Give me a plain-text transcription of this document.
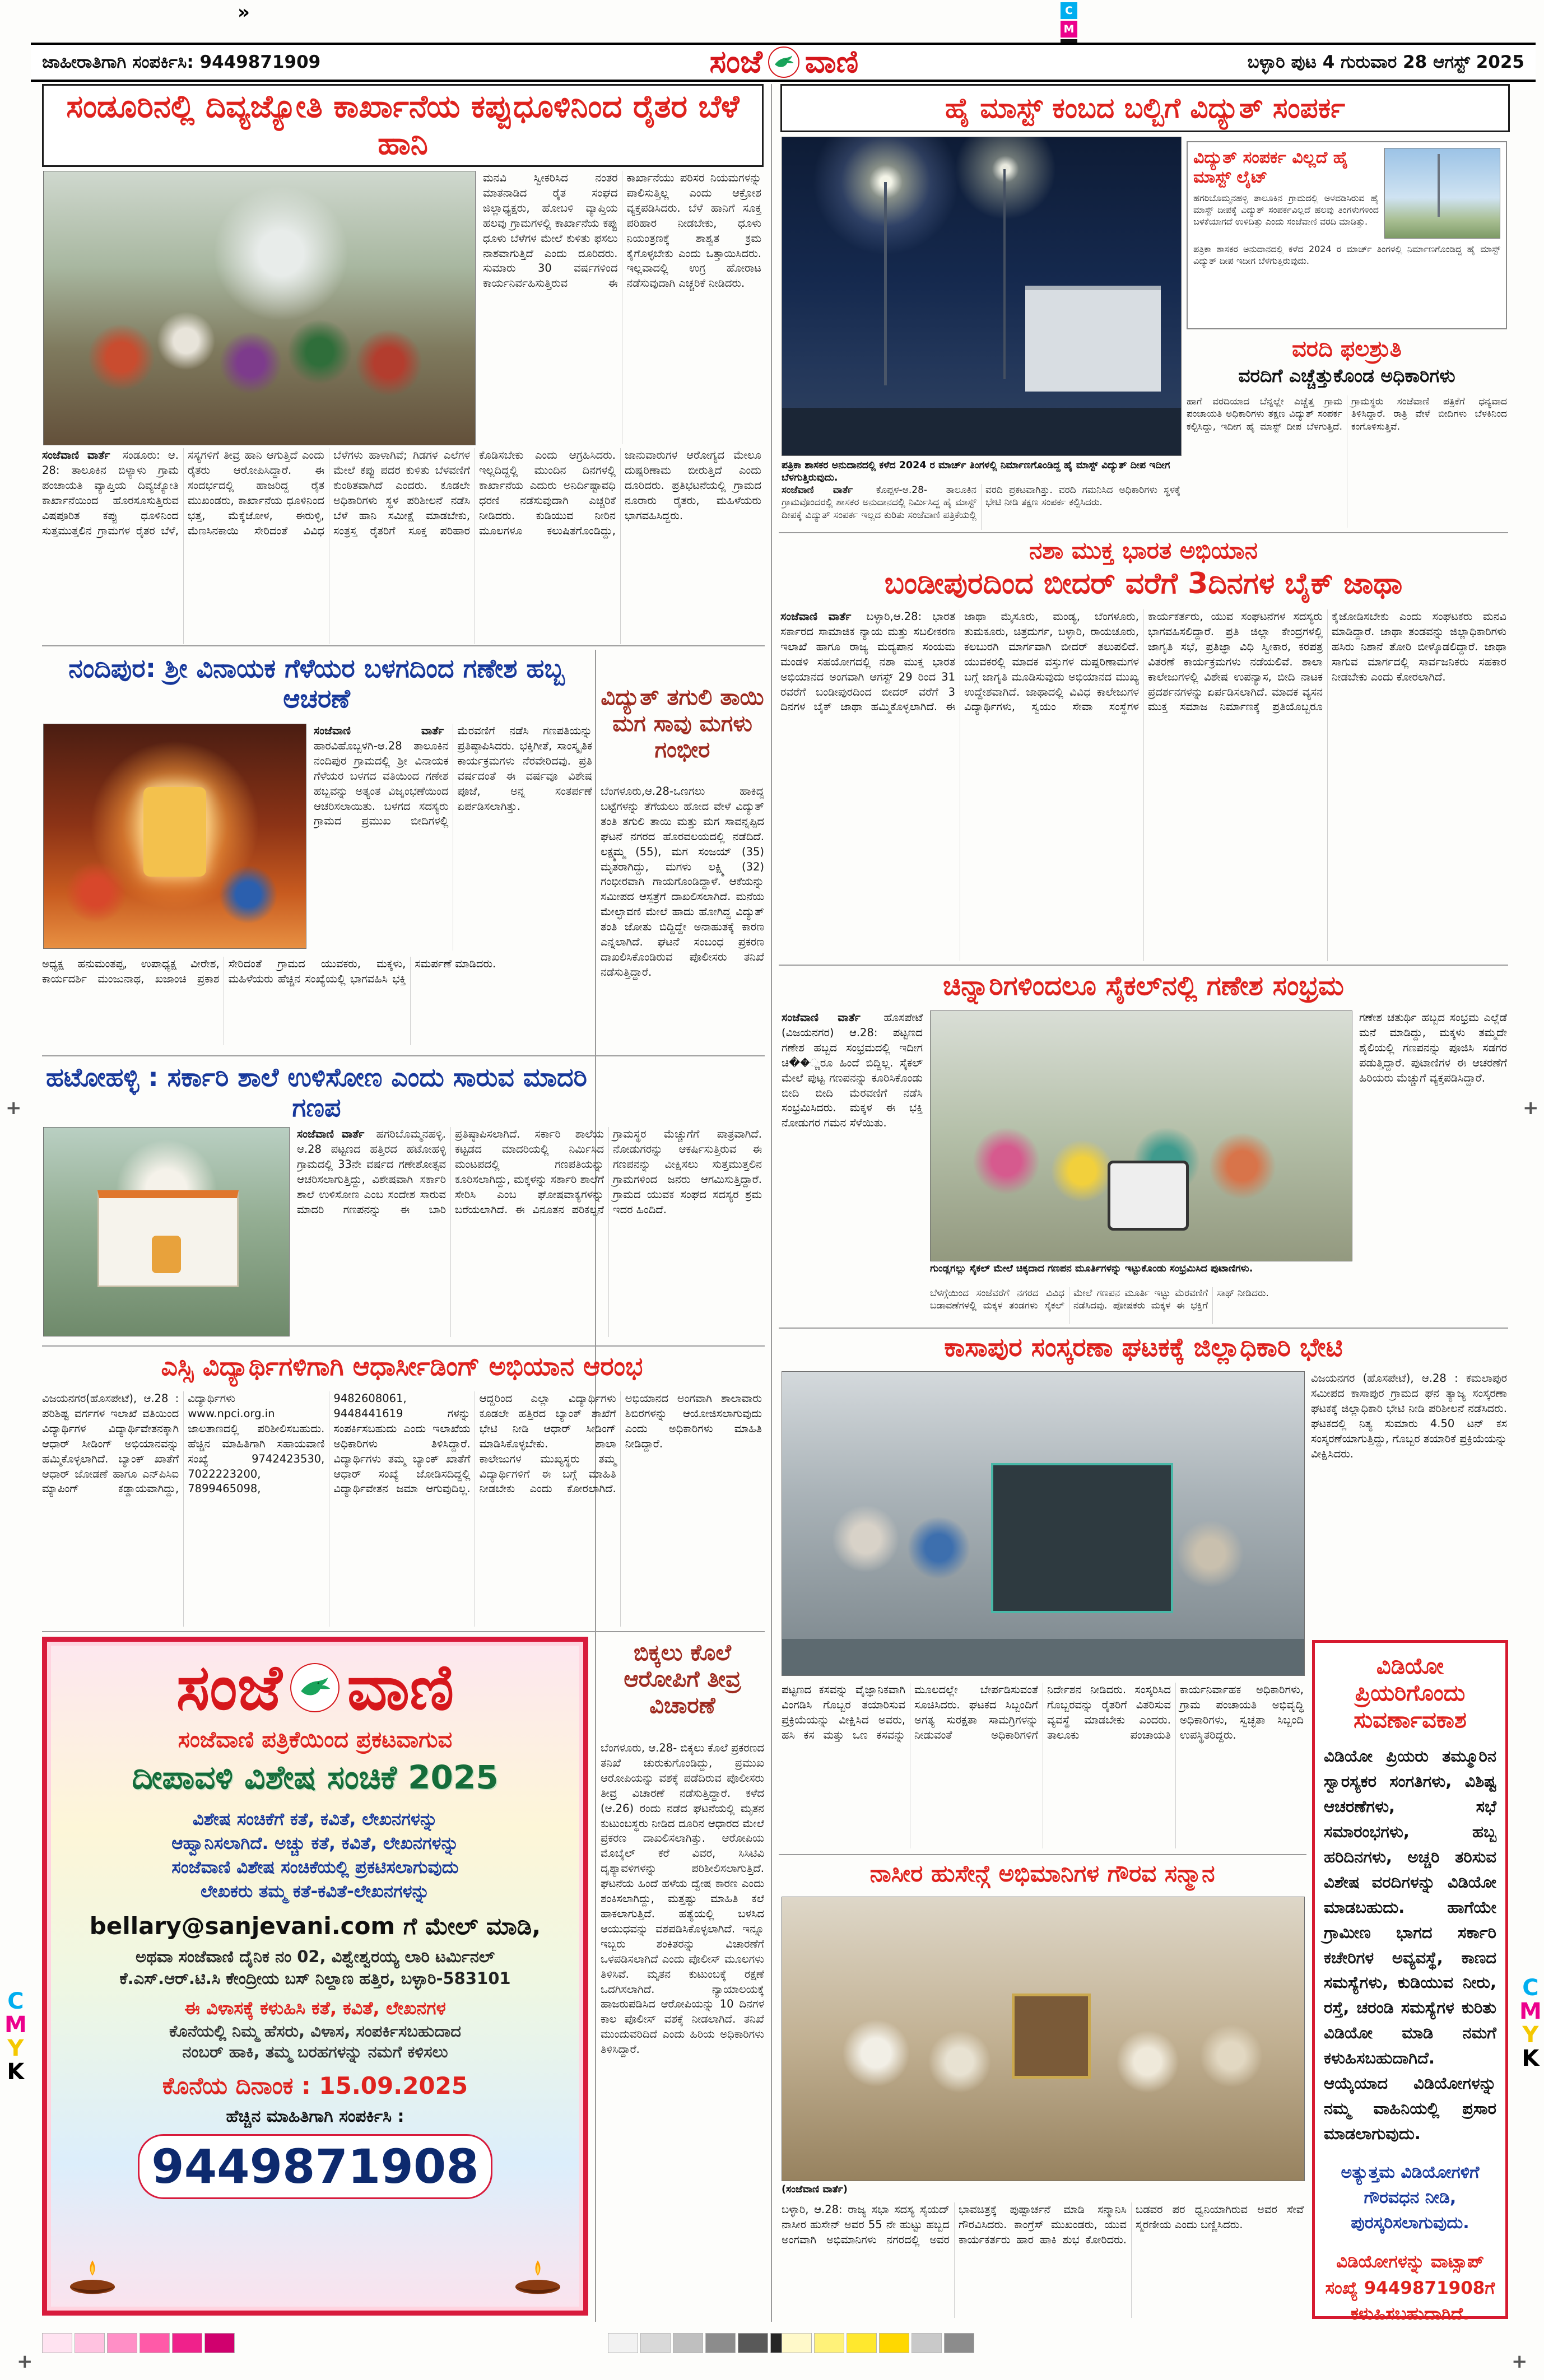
»	C
M
ಜಾಹೀರಾತಿಗಾಗಿ ಸಂಪರ್ಕಿಸಿ: 9449871909	ಸಂಜೆ ವಾಣಿ	ಬಳ್ಳಾರಿ ಪುಟ 4 ಗುರುವಾರ 28 ಆಗಸ್ಟ್ 2025
ಸಂಡೂರಿನಲ್ಲಿ ದಿವ್ಯಜ್ಯೋತಿ ಕಾರ್ಖಾನೆಯ ಕಪ್ಪುಧೂಳಿನಿಂದ ರೈತರ ಬೆಳೆ ಹಾನಿ
ಮನವಿ ಸ್ವೀಕರಿಸಿದ ನಂತರ ಮಾತನಾಡಿದ ರೈತ ಸಂಘದ ಜಿಲ್ಲಾಧ್ಯಕ್ಷರು, ಹೋಬಳಿ ವ್ಯಾಪ್ತಿಯ ಹಲವು ಗ್ರಾಮಗಳಲ್ಲಿ ಕಾರ್ಖಾನೆಯ ಕಪ್ಪು ಧೂಳು ಬೆಳೆಗಳ ಮೇಲೆ ಕುಳಿತು ಫಸಲು ನಾಶವಾಗುತ್ತಿದೆ ಎಂದು ದೂರಿದರು. ಸುಮಾರು 30 ವರ್ಷಗಳಿಂದ ಕಾರ್ಯನಿರ್ವಹಿಸುತ್ತಿರುವ ಈ ಕಾರ್ಖಾನೆಯು ಪರಿಸರ ನಿಯಮಗಳನ್ನು ಪಾಲಿಸುತ್ತಿಲ್ಲ ಎಂದು ಆಕ್ರೋಶ ವ್ಯಕ್ತಪಡಿಸಿದರು. ಬೆಳೆ ಹಾನಿಗೆ ಸೂಕ್ತ ಪರಿಹಾರ ನೀಡಬೇಕು, ಧೂಳು ನಿಯಂತ್ರಣಕ್ಕೆ ಶಾಶ್ವತ ಕ್ರಮ ಕೈಗೊಳ್ಳಬೇಕು ಎಂದು ಒತ್ತಾಯಿಸಿದರು. ಇಲ್ಲವಾದಲ್ಲಿ ಉಗ್ರ ಹೋರಾಟ ನಡೆಸುವುದಾಗಿ ಎಚ್ಚರಿಕೆ ನೀಡಿದರು.
ಸಂಜೆವಾಣಿ ವಾರ್ತೆ ಸಂಡೂರು: ಆ. 28: ತಾಲೂಕಿನ ಬಿಳ್ಯಾಳು ಗ್ರಾಮ ಪಂಚಾಯತಿ ವ್ಯಾಪ್ತಿಯ ದಿವ್ಯಜ್ಯೋತಿ ಕಾರ್ಖಾನೆಯಿಂದ ಹೊರಸೂಸುತ್ತಿರುವ ವಿಷಪೂರಿತ ಕಪ್ಪು ಧೂಳಿನಿಂದ ಸುತ್ತಮುತ್ತಲಿನ ಗ್ರಾಮಗಳ ರೈತರ ಬೆಳೆ, ಸಸ್ಯಗಳಿಗೆ ತೀವ್ರ ಹಾನಿ ಆಗುತ್ತಿದೆ ಎಂದು ರೈತರು ಆರೋಪಿಸಿದ್ದಾರೆ. ಈ ಸಂದರ್ಭದಲ್ಲಿ ಹಾಜರಿದ್ದ ರೈತ ಮುಖಂಡರು, ಕಾರ್ಖಾನೆಯ ಧೂಳಿನಿಂದ ಭತ್ತ, ಮೆಕ್ಕೆಜೋಳ, ಈರುಳ್ಳಿ, ಮೆಣಸಿನಕಾಯಿ ಸೇರಿದಂತೆ ವಿವಿಧ ಬೆಳೆಗಳು ಹಾಳಾಗಿವೆ; ಗಿಡಗಳ ಎಲೆಗಳ ಮೇಲೆ ಕಪ್ಪು ಪದರ ಕುಳಿತು ಬೆಳವಣಿಗೆ ಕುಂಠಿತವಾಗಿದೆ ಎಂದರು. ಕೂಡಲೇ ಅಧಿಕಾರಿಗಳು ಸ್ಥಳ ಪರಿಶೀಲನೆ ನಡೆಸಿ ಬೆಳೆ ಹಾನಿ ಸಮೀಕ್ಷೆ ಮಾಡಬೇಕು, ಸಂತ್ರಸ್ತ ರೈತರಿಗೆ ಸೂಕ್ತ ಪರಿಹಾರ ಕೊಡಿಸಬೇಕು ಎಂದು ಆಗ್ರಹಿಸಿದರು. ಇಲ್ಲದಿದ್ದಲ್ಲಿ ಮುಂದಿನ ದಿನಗಳಲ್ಲಿ ಕಾರ್ಖಾನೆಯ ಎದುರು ಅನಿರ್ದಿಷ್ಟಾವಧಿ ಧರಣಿ ನಡೆಸುವುದಾಗಿ ಎಚ್ಚರಿಕೆ ನೀಡಿದರು. ಕುಡಿಯುವ ನೀರಿನ ಮೂಲಗಳೂ ಕಲುಷಿತಗೊಂಡಿದ್ದು, ಜಾನುವಾರುಗಳ ಆರೋಗ್ಯದ ಮೇಲೂ ದುಷ್ಪರಿಣಾಮ ಬೀರುತ್ತಿದೆ ಎಂದು ದೂರಿದರು. ಪ್ರತಿಭಟನೆಯಲ್ಲಿ ಗ್ರಾಮದ ನೂರಾರು ರೈತರು, ಮಹಿಳೆಯರು ಭಾಗವಹಿಸಿದ್ದರು.
ಹೈ ಮಾಸ್ಟ್ ಕಂಬದ ಬಲ್ಬಿಗೆ ವಿದ್ಯುತ್ ಸಂಪರ್ಕ
ವಿದ್ಯುತ್ ಸಂಪರ್ಕ ವಿಲ್ಲದೆ ಹೈ ಮಾಸ್ಟ್ ಲೈಟ್
ಹಗರಿಬೊಮ್ಮನಹಳ್ಳಿ ತಾಲೂಕಿನ ಗ್ರಾಮದಲ್ಲಿ ಅಳವಡಿಸಿರುವ ಹೈ ಮಾಸ್ಟ್ ದೀಪಕ್ಕೆ ವಿದ್ಯುತ್ ಸಂಪರ್ಕವಿಲ್ಲದೆ ಹಲವು ತಿಂಗಳುಗಳಿಂದ ಬಳಕೆಯಾಗದೆ ಉಳಿದಿತ್ತು ಎಂದು ಸಂಜೆವಾಣಿ ವರದಿ ಮಾಡಿತ್ತು.
ಪತ್ರಿಕಾ ಶಾಸಕರ ಅನುದಾನದಲ್ಲಿ ಕಳೆದ 2024 ರ ಮಾರ್ಚ್ ತಿಂಗಳಲ್ಲಿ ನಿರ್ಮಾಣಗೊಂಡಿದ್ದ ಹೈ ಮಾಸ್ಟ್ ವಿದ್ಯುತ್ ದೀಪ ಇದೀಗ ಬೆಳಗುತ್ತಿರುವುದು.
ವರದಿ ಫಲಶ್ರುತಿ
ವರದಿಗೆ ಎಚ್ಚೆತ್ತುಕೊಂಡ ಅಧಿಕಾರಿಗಳು
ಹಾಗೆ ವರದಿಯಾದ ಬೆನ್ನಲ್ಲೇ ಎಚ್ಚೆತ್ತ ಗ್ರಾಮ ಪಂಚಾಯತಿ ಅಧಿಕಾರಿಗಳು ತಕ್ಷಣ ವಿದ್ಯುತ್ ಸಂಪರ್ಕ ಕಲ್ಪಿಸಿದ್ದು, ಇದೀಗ ಹೈ ಮಾಸ್ಟ್ ದೀಪ ಬೆಳಗುತ್ತಿದೆ. ಗ್ರಾಮಸ್ಥರು ಸಂಜೆವಾಣಿ ಪತ್ರಿಕೆಗೆ ಧನ್ಯವಾದ ತಿಳಿಸಿದ್ದಾರೆ. ರಾತ್ರಿ ವೇಳೆ ಬೀದಿಗಳು ಬೆಳಕಿನಿಂದ ಕಂಗೊಳಿಸುತ್ತಿವೆ.
ಪತ್ರಿಕಾ ಶಾಸಕರ ಅನುದಾನದಲ್ಲಿ ಕಳೆದ 2024 ರ ಮಾರ್ಚ್ ತಿಂಗಳಲ್ಲಿ ನಿರ್ಮಾಣಗೊಂಡಿದ್ದ ಹೈ ಮಾಸ್ಟ್ ವಿದ್ಯುತ್ ದೀಪ ಇದೀಗ ಬೆಳಗುತ್ತಿರುವುದು.
ಸಂಜೆವಾಣಿ ವಾರ್ತೆ ಕೊಪ್ಪಳ-ಆ.28- ತಾಲೂಕಿನ ಗ್ರಾಮವೊಂದರಲ್ಲಿ ಶಾಸಕರ ಅನುದಾನದಲ್ಲಿ ನಿರ್ಮಿಸಿದ್ದ ಹೈ ಮಾಸ್ಟ್ ದೀಪಕ್ಕೆ ವಿದ್ಯುತ್ ಸಂಪರ್ಕ ಇಲ್ಲದ ಕುರಿತು ಸಂಜೆವಾಣಿ ಪತ್ರಿಕೆಯಲ್ಲಿ ವರದಿ ಪ್ರಕಟವಾಗಿತ್ತು. ವರದಿ ಗಮನಿಸಿದ ಅಧಿಕಾರಿಗಳು ಸ್ಥಳಕ್ಕೆ ಭೇಟಿ ನೀಡಿ ತಕ್ಷಣ ಸಂಪರ್ಕ ಕಲ್ಪಿಸಿದರು.
ನಂದಿಪುರ: ಶ್ರೀ ವಿನಾಯಕ ಗೆಳೆಯರ ಬಳಗದಿಂದ ಗಣೇಶ ಹಬ್ಬ ಆಚರಣೆ
ಸಂಜೆವಾಣಿ ವಾರ್ತೆ ಹಾರವಿಹೊಬ್ಬಳಗಿ-ಆ.28 ತಾಲೂಕಿನ ನಂದಿಪುರ ಗ್ರಾಮದಲ್ಲಿ ಶ್ರೀ ವಿನಾಯಕ ಗೆಳೆಯರ ಬಳಗದ ವತಿಯಿಂದ ಗಣೇಶ ಹಬ್ಬವನ್ನು ಅತ್ಯಂತ ವಿಜೃಂಭಣೆಯಿಂದ ಆಚರಿಸಲಾಯಿತು. ಬಳಗದ ಸದಸ್ಯರು ಗ್ರಾಮದ ಪ್ರಮುಖ ಬೀದಿಗಳಲ್ಲಿ ಮೆರವಣಿಗೆ ನಡೆಸಿ ಗಣಪತಿಯನ್ನು ಪ್ರತಿಷ್ಠಾಪಿಸಿದರು. ಭಕ್ತಿಗೀತೆ, ಸಾಂಸ್ಕೃತಿಕ ಕಾರ್ಯಕ್ರಮಗಳು ನೆರವೇರಿದವು. ಪ್ರತಿ ವರ್ಷದಂತೆ ಈ ವರ್ಷವೂ ವಿಶೇಷ ಪೂಜೆ, ಅನ್ನ ಸಂತರ್ಪಣೆ ಏರ್ಪಡಿಸಲಾಗಿತ್ತು.
ಅಧ್ಯಕ್ಷ ಹನುಮಂತಪ್ಪ, ಉಪಾಧ್ಯಕ್ಷ ವೀರೇಶ, ಕಾರ್ಯದರ್ಶಿ ಮಂಜುನಾಥ, ಖಜಾಂಚಿ ಪ್ರಕಾಶ ಸೇರಿದಂತೆ ಗ್ರಾಮದ ಯುವಕರು, ಮಕ್ಕಳು, ಮಹಿಳೆಯರು ಹೆಚ್ಚಿನ ಸಂಖ್ಯೆಯಲ್ಲಿ ಭಾಗವಹಿಸಿ ಭಕ್ತಿ ಸಮರ್ಪಣೆ ಮಾಡಿದರು.
ವಿದ್ಯುತ್ ತಗುಲಿ ತಾಯಿ ಮಗ ಸಾವು ಮಗಳು ಗಂಭೀರ
ಬೆಂಗಳೂರು,ಆ.28-ಒಣಗಲು ಹಾಕಿದ್ದ ಬಟ್ಟೆಗಳನ್ನು ತೆಗೆಯಲು ಹೋದ ವೇಳೆ ವಿದ್ಯುತ್ ತಂತಿ ತಗುಲಿ ತಾಯಿ ಮತ್ತು ಮಗ ಸಾವನ್ನಪ್ಪಿದ ಘಟನೆ ನಗರದ ಹೊರವಲಯದಲ್ಲಿ ನಡೆದಿದೆ. ಲಕ್ಷ್ಮಮ್ಮ (55), ಮಗ ಸಂಜಯ್ (35) ಮೃತರಾಗಿದ್ದು, ಮಗಳು ಲಕ್ಷ್ಮಿ (32) ಗಂಭೀರವಾಗಿ ಗಾಯಗೊಂಡಿದ್ದಾಳೆ. ಆಕೆಯನ್ನು ಸಮೀಪದ ಆಸ್ಪತ್ರೆಗೆ ದಾಖಲಿಸಲಾಗಿದೆ. ಮನೆಯ ಮೇಲ್ಛಾವಣಿ ಮೇಲೆ ಹಾದು ಹೋಗಿದ್ದ ವಿದ್ಯುತ್ ತಂತಿ ಜೋತು ಬಿದ್ದಿದ್ದೇ ಅನಾಹುತಕ್ಕೆ ಕಾರಣ ಎನ್ನಲಾಗಿದೆ. ಘಟನೆ ಸಂಬಂಧ ಪ್ರಕರಣ ದಾಖಲಿಸಿಕೊಂಡಿರುವ ಪೊಲೀಸರು ತನಿಖೆ ನಡೆಸುತ್ತಿದ್ದಾರೆ.
ನಶಾ ಮುಕ್ತ ಭಾರತ ಅಭಿಯಾನ
ಬಂಡೀಪುರದಿಂದ ಬೀದರ್ ವರೆಗೆ 3ದಿನಗಳ ಬೈಕ್ ಜಾಥಾ
ಸಂಜೆವಾಣಿ ವಾರ್ತೆ ಬಳ್ಳಾರಿ,ಆ.28: ಭಾರತ ಸರ್ಕಾರದ ಸಾಮಾಜಿಕ ನ್ಯಾಯ ಮತ್ತು ಸಬಲೀಕರಣ ಇಲಾಖೆ ಹಾಗೂ ರಾಜ್ಯ ಮದ್ಯಪಾನ ಸಂಯಮ ಮಂಡಳಿ ಸಹಯೋಗದಲ್ಲಿ ನಶಾ ಮುಕ್ತ ಭಾರತ ಅಭಿಯಾನದ ಅಂಗವಾಗಿ ಆಗಸ್ಟ್ 29 ರಿಂದ 31 ರವರೆಗೆ ಬಂಡೀಪುರದಿಂದ ಬೀದರ್ ವರೆಗೆ 3 ದಿನಗಳ ಬೈಕ್ ಜಾಥಾ ಹಮ್ಮಿಕೊಳ್ಳಲಾಗಿದೆ. ಈ ಜಾಥಾ ಮೈಸೂರು, ಮಂಡ್ಯ, ಬೆಂಗಳೂರು, ತುಮಕೂರು, ಚಿತ್ರದುರ್ಗ, ಬಳ್ಳಾರಿ, ರಾಯಚೂರು, ಕಲಬುರಗಿ ಮಾರ್ಗವಾಗಿ ಬೀದರ್ ತಲುಪಲಿದೆ. ಯುವಕರಲ್ಲಿ ಮಾದಕ ವಸ್ತುಗಳ ದುಷ್ಪರಿಣಾಮಗಳ ಬಗ್ಗೆ ಜಾಗೃತಿ ಮೂಡಿಸುವುದು ಅಭಿಯಾನದ ಮುಖ್ಯ ಉದ್ದೇಶವಾಗಿದೆ. ಜಾಥಾದಲ್ಲಿ ವಿವಿಧ ಕಾಲೇಜುಗಳ ವಿದ್ಯಾರ್ಥಿಗಳು, ಸ್ವಯಂ ಸೇವಾ ಸಂಸ್ಥೆಗಳ ಕಾರ್ಯಕರ್ತರು, ಯುವ ಸಂಘಟನೆಗಳ ಸದಸ್ಯರು ಭಾಗವಹಿಸಲಿದ್ದಾರೆ. ಪ್ರತಿ ಜಿಲ್ಲಾ ಕೇಂದ್ರಗಳಲ್ಲಿ ಜಾಗೃತಿ ಸಭೆ, ಪ್ರತಿಜ್ಞಾ ವಿಧಿ ಸ್ವೀಕಾರ, ಕರಪತ್ರ ವಿತರಣೆ ಕಾರ್ಯಕ್ರಮಗಳು ನಡೆಯಲಿವೆ. ಶಾಲಾ ಕಾಲೇಜುಗಳಲ್ಲಿ ವಿಶೇಷ ಉಪನ್ಯಾಸ, ಬೀದಿ ನಾಟಕ ಪ್ರದರ್ಶನಗಳನ್ನು ಏರ್ಪಡಿಸಲಾಗಿದೆ. ಮಾದಕ ವ್ಯಸನ ಮುಕ್ತ ಸಮಾಜ ನಿರ್ಮಾಣಕ್ಕೆ ಪ್ರತಿಯೊಬ್ಬರೂ ಕೈಜೋಡಿಸಬೇಕು ಎಂದು ಸಂಘಟಕರು ಮನವಿ ಮಾಡಿದ್ದಾರೆ. ಜಾಥಾ ತಂಡವನ್ನು ಜಿಲ್ಲಾಧಿಕಾರಿಗಳು ಹಸಿರು ನಿಶಾನೆ ತೋರಿ ಬೀಳ್ಕೊಡಲಿದ್ದಾರೆ. ಜಾಥಾ ಸಾಗುವ ಮಾರ್ಗದಲ್ಲಿ ಸಾರ್ವಜನಿಕರು ಸಹಕಾರ ನೀಡಬೇಕು ಎಂದು ಕೋರಲಾಗಿದೆ.
ಹಟೋಹಳ್ಳಿ : ಸರ್ಕಾರಿ ಶಾಲೆ ಉಳಿಸೋಣ ಎಂದು ಸಾರುವ ಮಾದರಿ ಗಣಪ
ಸಂಜೆವಾಣಿ ವಾರ್ತೆ ಹಗರಿಬೊಮ್ಮನಹಳ್ಳಿ. ಆ.28 ಪಟ್ಟಣದ ಹತ್ತಿರದ ಹಟೋಹಳ್ಳಿ ಗ್ರಾಮದಲ್ಲಿ 33ನೇ ವರ್ಷದ ಗಣೇಶೋತ್ಸವ ಆಚರಿಸಲಾಗುತ್ತಿದ್ದು, ವಿಶೇಷವಾಗಿ ಸರ್ಕಾರಿ ಶಾಲೆ ಉಳಿಸೋಣ ಎಂಬ ಸಂದೇಶ ಸಾರುವ ಮಾದರಿ ಗಣಪನನ್ನು ಈ ಬಾರಿ ಪ್ರತಿಷ್ಠಾಪಿಸಲಾಗಿದೆ. ಸರ್ಕಾರಿ ಶಾಲೆಯ ಕಟ್ಟಡದ ಮಾದರಿಯಲ್ಲಿ ನಿರ್ಮಿಸಿದ ಮಂಟಪದಲ್ಲಿ ಗಣಪತಿಯನ್ನು ಕೂರಿಸಲಾಗಿದ್ದು, ಮಕ್ಕಳನ್ನು ಸರ್ಕಾರಿ ಶಾಲೆಗೆ ಸೇರಿಸಿ ಎಂಬ ಘೋಷವಾಕ್ಯಗಳನ್ನು ಬರೆಯಲಾಗಿದೆ. ಈ ವಿನೂತನ ಪರಿಕಲ್ಪನೆ ಗ್ರಾಮಸ್ಥರ ಮೆಚ್ಚುಗೆಗೆ ಪಾತ್ರವಾಗಿದೆ. ನೋಡುಗರನ್ನು ಆಕರ್ಷಿಸುತ್ತಿರುವ ಈ ಗಣಪನನ್ನು ವೀಕ್ಷಿಸಲು ಸುತ್ತಮುತ್ತಲಿನ ಗ್ರಾಮಗಳಿಂದ ಜನರು ಆಗಮಿಸುತ್ತಿದ್ದಾರೆ. ಗ್ರಾಮದ ಯುವಕ ಸಂಘದ ಸದಸ್ಯರ ಶ್ರಮ ಇದರ ಹಿಂದಿದೆ.
ಚಿನ್ನಾರಿಗಳಿಂದಲೂ ಸೈಕಲ್‌ನಲ್ಲಿ ಗಣೇಶ ಸಂಭ್ರಮ
ಸಂಜೆವಾಣಿ ವಾರ್ತೆ ಹೊಸಪೇಟೆ (ವಿಜಯನಗರ) ಆ.28: ಪಟ್ಟಣದ ಗಣೇಶ ಹಬ್ಬದ ಸಂಭ್ರಮದಲ್ಲಿ ಇದೀಗ ಚಿ��್ಣರೂ ಹಿಂದೆ ಬಿದ್ದಿಲ್ಲ. ಸೈಕಲ್ ಮೇಲೆ ಪುಟ್ಟ ಗಣಪನನ್ನು ಕೂರಿಸಿಕೊಂಡು ಬೀದಿ ಬೀದಿ ಮೆರವಣಿಗೆ ನಡೆಸಿ ಸಂಭ್ರಮಿಸಿದರು. ಮಕ್ಕಳ ಈ ಭಕ್ತಿ ನೋಡುಗರ ಗಮನ ಸೆಳೆಯಿತು.
ಗುಂಡ್ಲಗಲ್ಲು ಸೈಕಲ್ ಮೇಲೆ ಚಿಕ್ಕದಾದ ಗಣಪನ ಮೂರ್ತಿಗಳನ್ನು ಇಟ್ಟುಕೊಂಡು ಸಂಭ್ರಮಿಸಿದ ಪುಟಾಣಿಗಳು.
ಬೆಳಗ್ಗೆಯಿಂದ ಸಂಜೆವರೆಗೆ ನಗರದ ವಿವಿಧ ಬಡಾವಣೆಗಳಲ್ಲಿ ಮಕ್ಕಳ ತಂಡಗಳು ಸೈಕಲ್ ಮೇಲೆ ಗಣಪನ ಮೂರ್ತಿ ಇಟ್ಟು ಮೆರವಣಿಗೆ ನಡೆಸಿದವು. ಪೋಷಕರು ಮಕ್ಕಳ ಈ ಭಕ್ತಿಗೆ ಸಾಥ್ ನೀಡಿದರು.
ಗಣೇಶ ಚತುರ್ಥಿ ಹಬ್ಬದ ಸಂಭ್ರಮ ಎಲ್ಲೆಡೆ ಮನೆ ಮಾಡಿದ್ದು, ಮಕ್ಕಳು ತಮ್ಮದೇ ಶೈಲಿಯಲ್ಲಿ ಗಣಪನನ್ನು ಪೂಜಿಸಿ ಸಡಗರ ಪಡುತ್ತಿದ್ದಾರೆ. ಪುಟಾಣಿಗಳ ಈ ಆಚರಣೆಗೆ ಹಿರಿಯರು ಮೆಚ್ಚುಗೆ ವ್ಯಕ್ತಪಡಿಸಿದ್ದಾರೆ.
ಎಸ್ಸಿ ವಿದ್ಯಾರ್ಥಿಗಳಿಗಾಗಿ ಆಧಾರ್ಸೀಡಿಂಗ್ ಅಭಿಯಾನ ಆರಂಭ
ವಿಜಯನಗರ(ಹೊಸಪೇಟೆ), ಆ.28 : ಪರಿಶಿಷ್ಟ ವರ್ಗಗಳ ಇಲಾಖೆ ವತಿಯಿಂದ ವಿದ್ಯಾರ್ಥಿಗಳ ವಿದ್ಯಾರ್ಥಿವೇತನಕ್ಕಾಗಿ ಆಧಾರ್ ಸೀಡಿಂಗ್ ಅಭಿಯಾನವನ್ನು ಹಮ್ಮಿಕೊಳ್ಳಲಾಗಿದೆ. ಬ್ಯಾಂಕ್ ಖಾತೆಗೆ ಆಧಾರ್ ಜೋಡಣೆ ಹಾಗೂ ಎನ್‌ಪಿಸಿಐ ಮ್ಯಾಪಿಂಗ್ ಕಡ್ಡಾಯವಾಗಿದ್ದು, ವಿದ್ಯಾರ್ಥಿಗಳು www.npci.org.in ಜಾಲತಾಣದಲ್ಲಿ ಪರಿಶೀಲಿಸಬಹುದು. ಹೆಚ್ಚಿನ ಮಾಹಿತಿಗಾಗಿ ಸಹಾಯವಾಣಿ ಸಂಖ್ಯೆ 9742423530, 7022223200, 7899465098, 9482608061, 9448441619 ಗಳನ್ನು ಸಂಪರ್ಕಿಸಬಹುದು ಎಂದು ಇಲಾಖೆಯ ಅಧಿಕಾರಿಗಳು ತಿಳಿಸಿದ್ದಾರೆ. ವಿದ್ಯಾರ್ಥಿಗಳು ತಮ್ಮ ಬ್ಯಾಂಕ್ ಖಾತೆಗೆ ಆಧಾರ್ ಸಂಖ್ಯೆ ಜೋಡಿಸದಿದ್ದಲ್ಲಿ ವಿದ್ಯಾರ್ಥಿವೇತನ ಜಮಾ ಆಗುವುದಿಲ್ಲ. ಆದ್ದರಿಂದ ಎಲ್ಲಾ ವಿದ್ಯಾರ್ಥಿಗಳು ಕೂಡಲೇ ಹತ್ತಿರದ ಬ್ಯಾಂಕ್ ಶಾಖೆಗೆ ಭೇಟಿ ನೀಡಿ ಆಧಾರ್ ಸೀಡಿಂಗ್ ಮಾಡಿಸಿಕೊಳ್ಳಬೇಕು. ಶಾಲಾ ಕಾಲೇಜುಗಳ ಮುಖ್ಯಸ್ಥರು ತಮ್ಮ ವಿದ್ಯಾರ್ಥಿಗಳಿಗೆ ಈ ಬಗ್ಗೆ ಮಾಹಿತಿ ನೀಡಬೇಕು ಎಂದು ಕೋರಲಾಗಿದೆ. ಅಭಿಯಾನದ ಅಂಗವಾಗಿ ಶಾಲಾವಾರು ಶಿಬಿರಗಳನ್ನು ಆಯೋಜಿಸಲಾಗುವುದು ಎಂದು ಅಧಿಕಾರಿಗಳು ಮಾಹಿತಿ ನೀಡಿದ್ದಾರೆ.
ಕಾಸಾಪುರ ಸಂಸ್ಕರಣಾ ಘಟಕಕ್ಕೆ ಜಿಲ್ಲಾಧಿಕಾರಿ ಭೇಟಿ
ವಿಜಯನಗರ (ಹೊಸಪೇಟೆ), ಆ.28 : ಕಮಲಾಪುರ ಸಮೀಪದ ಕಾಸಾಪುರ ಗ್ರಾಮದ ಘನ ತ್ಯಾಜ್ಯ ಸಂಸ್ಕರಣಾ ಘಟಕಕ್ಕೆ ಜಿಲ್ಲಾಧಿಕಾರಿ ಭೇಟಿ ನೀಡಿ ಪರಿಶೀಲನೆ ನಡೆಸಿದರು. ಘಟಕದಲ್ಲಿ ನಿತ್ಯ ಸುಮಾರು 4.50 ಟನ್ ಕಸ ಸಂಸ್ಕರಣೆಯಾಗುತ್ತಿದ್ದು, ಗೊಬ್ಬರ ತಯಾರಿಕೆ ಪ್ರಕ್ರಿಯೆಯನ್ನು ವೀಕ್ಷಿಸಿದರು.
ಪಟ್ಟಣದ ಕಸವನ್ನು ವೈಜ್ಞಾನಿಕವಾಗಿ ವಿಂಗಡಿಸಿ ಗೊಬ್ಬರ ತಯಾರಿಸುವ ಪ್ರಕ್ರಿಯೆಯನ್ನು ವೀಕ್ಷಿಸಿದ ಅವರು, ಹಸಿ ಕಸ ಮತ್ತು ಒಣ ಕಸವನ್ನು ಮೂಲದಲ್ಲೇ ಬೇರ್ಪಡಿಸುವಂತೆ ಸೂಚಿಸಿದರು. ಘಟಕದ ಸಿಬ್ಬಂದಿಗೆ ಅಗತ್ಯ ಸುರಕ್ಷತಾ ಸಾಮಗ್ರಿಗಳನ್ನು ನೀಡುವಂತೆ ಅಧಿಕಾರಿಗಳಿಗೆ ನಿರ್ದೇಶನ ನೀಡಿದರು. ಸಂಸ್ಕರಿಸಿದ ಗೊಬ್ಬರವನ್ನು ರೈತರಿಗೆ ವಿತರಿಸುವ ವ್ಯವಸ್ಥೆ ಮಾಡಬೇಕು ಎಂದರು. ತಾಲೂಕು ಪಂಚಾಯತಿ ಕಾರ್ಯನಿರ್ವಾಹಕ ಅಧಿಕಾರಿಗಳು, ಗ್ರಾಮ ಪಂಚಾಯತಿ ಅಭಿವೃದ್ಧಿ ಅಧಿಕಾರಿಗಳು, ಸ್ವಚ್ಛತಾ ಸಿಬ್ಬಂದಿ ಉಪಸ್ಥಿತರಿದ್ದರು.
ಬಿಕ್ಕಲು ಕೊಲೆ ಆರೋಪಿಗೆ ತೀವ್ರ ವಿಚಾರಣೆ
ಬೆಂಗಳೂರು, ಆ.28- ಬಿಕ್ಕಲು ಕೊಲೆ ಪ್ರಕರಣದ ತನಿಖೆ ಚುರುಕುಗೊಂಡಿದ್ದು, ಪ್ರಮುಖ ಆರೋಪಿಯನ್ನು ವಶಕ್ಕೆ ಪಡೆದಿರುವ ಪೊಲೀಸರು ತೀವ್ರ ವಿಚಾರಣೆ ನಡೆಸುತ್ತಿದ್ದಾರೆ. ಕಳೆದ (ಆ.26) ರಂದು ನಡೆದ ಘಟನೆಯಲ್ಲಿ ಮೃತನ ಕುಟುಂಬಸ್ಥರು ನೀಡಿದ ದೂರಿನ ಆಧಾರದ ಮೇಲೆ ಪ್ರಕರಣ ದಾಖಲಿಸಲಾಗಿತ್ತು. ಆರೋಪಿಯ ಮೊಬೈಲ್ ಕರೆ ವಿವರ, ಸಿಸಿಟಿವಿ ದೃಶ್ಯಾವಳಿಗಳನ್ನು ಪರಿಶೀಲಿಸಲಾಗುತ್ತಿದೆ. ಘಟನೆಯ ಹಿಂದೆ ಹಳೆಯ ದ್ವೇಷ ಕಾರಣ ಎಂದು ಶಂಕಿಸಲಾಗಿದ್ದು, ಮತ್ತಷ್ಟು ಮಾಹಿತಿ ಕಲೆ ಹಾಕಲಾಗುತ್ತಿದೆ. ಹತ್ಯೆಯಲ್ಲಿ ಬಳಸಿದ ಆಯುಧವನ್ನು ವಶಪಡಿಸಿಕೊಳ್ಳಲಾಗಿದೆ. ಇನ್ನೂ ಇಬ್ಬರು ಶಂಕಿತರನ್ನು ವಿಚಾರಣೆಗೆ ಒಳಪಡಿಸಲಾಗಿದೆ ಎಂದು ಪೊಲೀಸ್ ಮೂಲಗಳು ತಿಳಿಸಿವೆ. ಮೃತನ ಕುಟುಂಬಕ್ಕೆ ರಕ್ಷಣೆ ಒದಗಿಸಲಾಗಿದೆ. ನ್ಯಾಯಾಲಯಕ್ಕೆ ಹಾಜರುಪಡಿಸಿದ ಆರೋಪಿಯನ್ನು 10 ದಿನಗಳ ಕಾಲ ಪೊಲೀಸ್ ವಶಕ್ಕೆ ನೀಡಲಾಗಿದೆ. ತನಿಖೆ ಮುಂದುವರಿದಿದೆ ಎಂದು ಹಿರಿಯ ಅಧಿಕಾರಿಗಳು ತಿಳಿಸಿದ್ದಾರೆ.
ನಾಸೀರ ಹುಸೇನ್ಗೆ ಅಭಿಮಾನಿಗಳ ಗೌರವ ಸನ್ಮಾನ
(ಸಂಜೆವಾಣಿ ವಾರ್ತೆ)
ಬಳ್ಳಾರಿ, ಆ.28: ರಾಜ್ಯ ಸಭಾ ಸದಸ್ಯ ಸೈಯದ್ ನಾಸೀರ ಹುಸೇನ್ ಅವರ 55 ನೇ ಹುಟ್ಟು ಹಬ್ಬದ ಅಂಗವಾಗಿ ಅಭಿಮಾನಿಗಳು ನಗರದಲ್ಲಿ ಅವರ ಭಾವಚಿತ್ರಕ್ಕೆ ಪುಷ್ಪಾರ್ಚನೆ ಮಾಡಿ ಸನ್ಮಾನಿಸಿ ಗೌರವಿಸಿದರು. ಕಾಂಗ್ರೆಸ್ ಮುಖಂಡರು, ಯುವ ಕಾರ್ಯಕರ್ತರು ಹಾರ ಹಾಕಿ ಶುಭ ಕೋರಿದರು. ಬಡವರ ಪರ ಧ್ವನಿಯಾಗಿರುವ ಅವರ ಸೇವೆ ಸ್ಮರಣೀಯ ಎಂದು ಬಣ್ಣಿಸಿದರು.
ಸಂಜೆ ವಾಣಿ
ಸಂಜೆವಾಣಿ ಪತ್ರಿಕೆಯಿಂದ ಪ್ರಕಟವಾಗುವ
ದೀಪಾವಳಿ ವಿಶೇಷ ಸಂಚಿಕೆ 2025
ವಿಶೇಷ ಸಂಚಿಕೆಗೆ ಕತೆ, ಕವಿತೆ, ಲೇಖನಗಳನ್ನು
ಆಹ್ವಾನಿಸಲಾಗಿದೆ. ಅಚ್ಚು ಕತೆ, ಕವಿತೆ, ಲೇಖನಗಳನ್ನು
ಸಂಜೆವಾಣಿ ವಿಶೇಷ ಸಂಚಿಕೆಯಲ್ಲಿ ಪ್ರಕಟಿಸಲಾಗುವುದು
ಲೇಖಕರು ತಮ್ಮ ಕತೆ-ಕವಿತೆ-ಲೇಖನಗಳನ್ನು
bellary@sanjevani.com ಗೆ ಮೇಲ್ ಮಾಡಿ,
ಅಥವಾ ಸಂಜೆವಾಣಿ ದೈನಿಕ ನಂ 02, ವಿಶ್ವೇಶ್ವರಯ್ಯ ಲಾರಿ ಟರ್ಮಿನಲ್
ಕೆ.ಎಸ್.ಆರ್.ಟಿ.ಸಿ ಕೇಂದ್ರೀಯ ಬಸ್ ನಿಲ್ದಾಣ ಹತ್ತಿರ, ಬಳ್ಳಾರಿ-583101
ಈ ವಿಳಾಸಕ್ಕೆ ಕಳುಹಿಸಿ ಕತೆ, ಕವಿತೆ, ಲೇಖನಗಳ
ಕೊನೆಯಲ್ಲಿ ನಿಮ್ಮ ಹೆಸರು, ವಿಳಾಸ, ಸಂಪರ್ಕಿಸಬಹುದಾದ
ನಂಬರ್ ಹಾಕಿ, ತಮ್ಮ ಬರಹಗಳನ್ನು ನಮಗೆ ಕಳಿಸಲು
ಕೊನೆಯ ದಿನಾಂಕ : 15.09.2025
ಹೆಚ್ಚಿನ ಮಾಹಿತಿಗಾಗಿ ಸಂಪರ್ಕಿಸಿ :
9449871908
ವಿಡಿಯೋ ಪ್ರಿಯರಿಗೊಂದು
ಸುವರ್ಣಾವಕಾಶ
ವಿಡಿಯೋ ಪ್ರಿಯರು ತಮ್ಮೂರಿನ ಸ್ವಾರಸ್ಯಕರ ಸಂಗತಿಗಳು, ವಿಶಿಷ್ಟ ಆಚರಣೆಗಳು, ಸಭೆ ಸಮಾರಂಭಗಳು, ಹಬ್ಬ ಹರಿದಿನಗಳು, ಅಚ್ಚರಿ ತರಿಸುವ ವಿಶೇಷ ವರದಿಗಳನ್ನು ವಿಡಿಯೋ ಮಾಡಬಹುದು. ಹಾಗೆಯೇ ಗ್ರಾಮೀಣ ಭಾಗದ ಸರ್ಕಾರಿ ಕಚೇರಿಗಳ ಅವ್ಯವಸ್ಥೆ, ಕಾಣದ ಸಮಸ್ಯೆಗಳು, ಕುಡಿಯುವ ನೀರು, ರಸ್ತೆ, ಚರಂಡಿ ಸಮಸ್ಯೆಗಳ ಕುರಿತು ವಿಡಿಯೋ ಮಾಡಿ ನಮಗೆ ಕಳುಹಿಸಬಹುದಾಗಿದೆ. ಆಯ್ಕೆಯಾದ ವಿಡಿಯೋಗಳನ್ನು ನಮ್ಮ ವಾಹಿನಿಯಲ್ಲಿ ಪ್ರಸಾರ ಮಾಡಲಾಗುವುದು.
ಅತ್ಯುತ್ತಮ ವಿಡಿಯೋಗಳಿಗೆ ಗೌರವಧನ ನೀಡಿ, ಪುರಸ್ಕರಿಸಲಾಗುವುದು.
ವಿಡಿಯೋಗಳನ್ನು ವಾಟ್ಸಾಪ್ ಸಂಖ್ಯೆ 9449871908ಗೆ ಕಳುಹಿಸಬಹುದಾಗಿದೆ.
C
M
Y
K
C
M
Y
K
+	+
+	+
